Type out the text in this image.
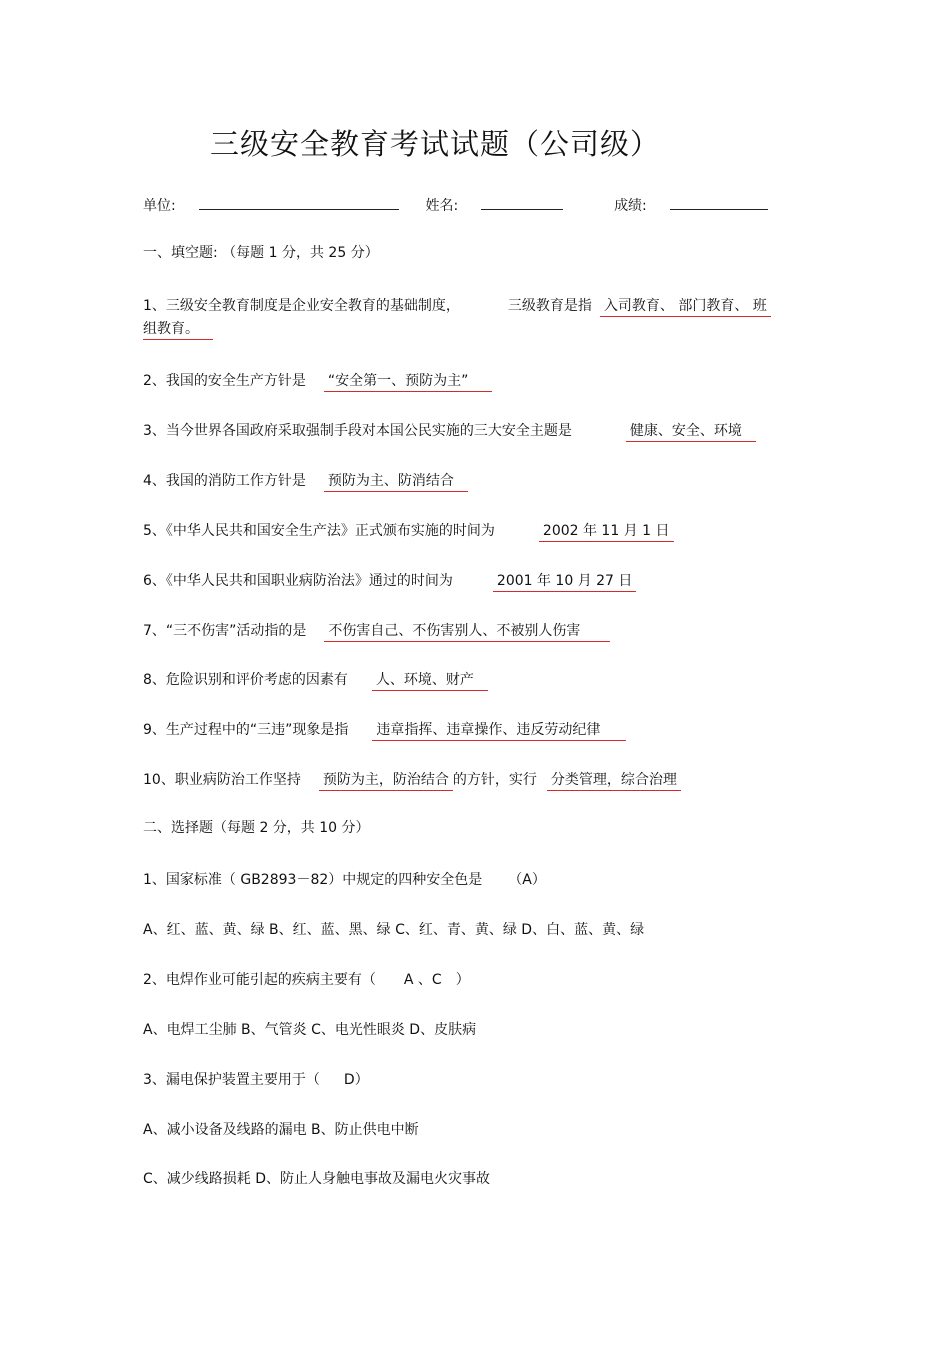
三级安全教育考试试题（公司级）
单位:	姓名:	成绩:
一、填空题: （每题 1 分，共 25 分）
1、三级安全教育制度是企业安全教育的基础制度，	三级教育是指 入司教育、 部门教育、 班
组教育。
2、我国的安全生产方针是 “安全第一、预防为主”
3、当今世界各国政府采取强制手段对本国公民实施的三大安全主题是	健康、安全、环境
4、我国的消防工作方针是 预防为主、防消结合
5、《中华人民共和国安全生产法》正式颁布实施的时间为	2002 年 11 月 1 日
6、《中华人民共和国职业病防治法》通过的时间为	2001 年 10 月 27 日
7、“三不伤害”活动指的是 不伤害自己、不伤害别人、不被别人伤害
8、危险识别和评价考虑的因素有 人、环境、财产
9、生产过程中的“三违”现象是指 违章指挥、违章操作、违反劳动纪律
10、职业病防治工作坚持 预防为主，防治结合 的方针，实行 分类管理，综合治理
二、选择题（每题 2 分，共 10 分）
1、国家标准（ GB2893－82）中规定的四种安全色是 （A）
A、红、蓝、黄、绿 B、红、蓝、黑、绿 C、红、青、黄、绿 D、白、蓝、黄、绿
2、电焊作业可能引起的疾病主要有（ A 、C ）
A、电焊工尘肺 B、气管炎 C、电光性眼炎 D、皮肤病
3、漏电保护装置主要用于（ D）
A、减小设备及线路的漏电 B、防止供电中断
C、减少线路损耗 D、防止人身触电事故及漏电火灾事故
